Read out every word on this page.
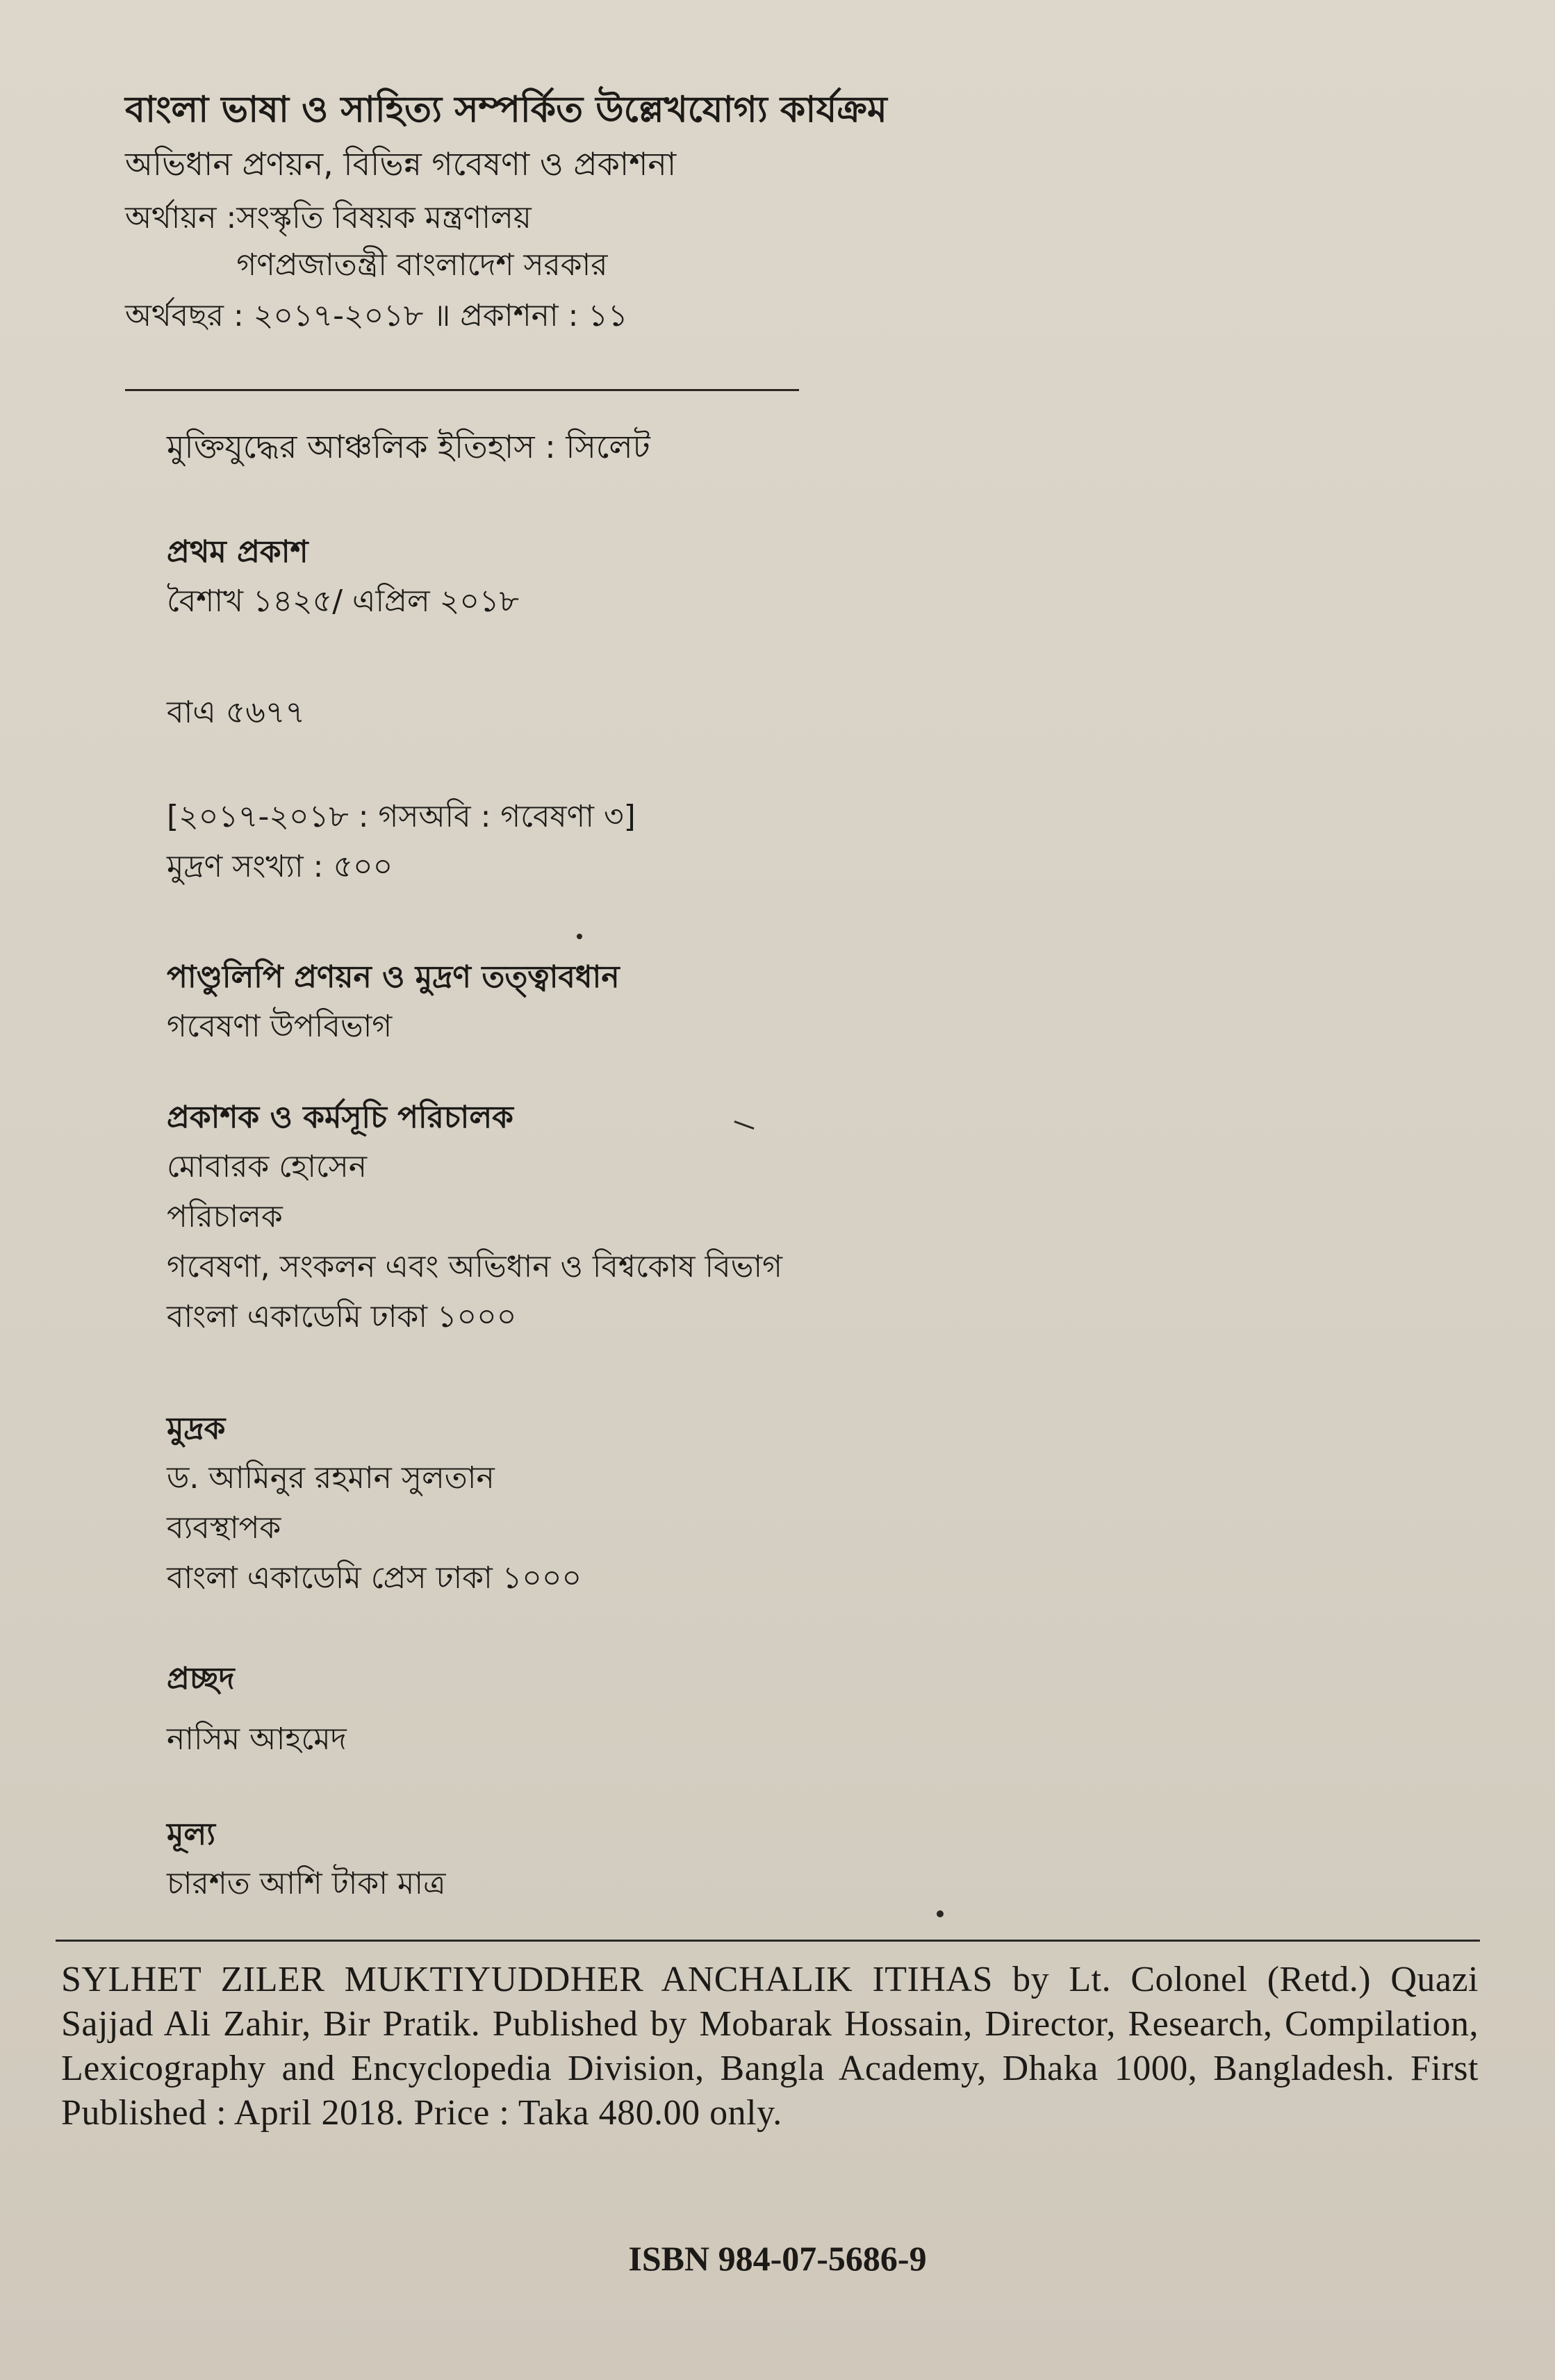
বাংলা ভাষা ও সাহিত্য সম্পর্কিত উল্লেখযোগ্য কার্যক্রম
অভিধান প্রণয়ন, বিভিন্ন গবেষণা ও প্রকাশনা
অর্থায়ন : সংস্কৃতি বিষয়ক মন্ত্রণালয়
গণপ্রজাতন্ত্রী বাংলাদেশ সরকার
অর্থবছর : ২০১৭-২০১৮ ॥ প্রকাশনা : ১১
মুক্তিযুদ্ধের আঞ্চলিক ইতিহাস : সিলেট
প্রথম প্রকাশ
বৈশাখ ১৪২৫/ এপ্রিল ২০১৮
বাএ ৫৬৭৭
[২০১৭-২০১৮ : গসঅবি : গবেষণা ৩]
মুদ্রণ সংখ্যা : ৫০০
পাণ্ডুলিপি প্রণয়ন ও মুদ্রণ তত্ত্বাবধান
গবেষণা উপবিভাগ
প্রকাশক ও কর্মসূচি পরিচালক
মোবারক হোসেন
পরিচালক
গবেষণা, সংকলন এবং অভিধান ও বিশ্বকোষ বিভাগ
বাংলা একাডেমি ঢাকা ১০০০
মুদ্রক
ড. আমিনুর রহমান সুলতান
ব্যবস্থাপক
বাংলা একাডেমি প্রেস ঢাকা ১০০০
প্রচ্ছদ
নাসিম আহমেদ
মূল্য
চারশত আশি টাকা মাত্র
SYLHET ZILER MUKTIYUDDHER ANCHALIK ITIHAS by Lt. Colonel (Retd.) Quazi Sajjad Ali Zahir, Bir Pratik. Published by Mobarak Hossain, Director, Research, Compilation, Lexicography and Encyclopedia Division, Bangla Academy, Dhaka 1000, Bangladesh. First Published : April 2018. Price : Taka 480.00 only.
ISBN 984-07-5686-9
